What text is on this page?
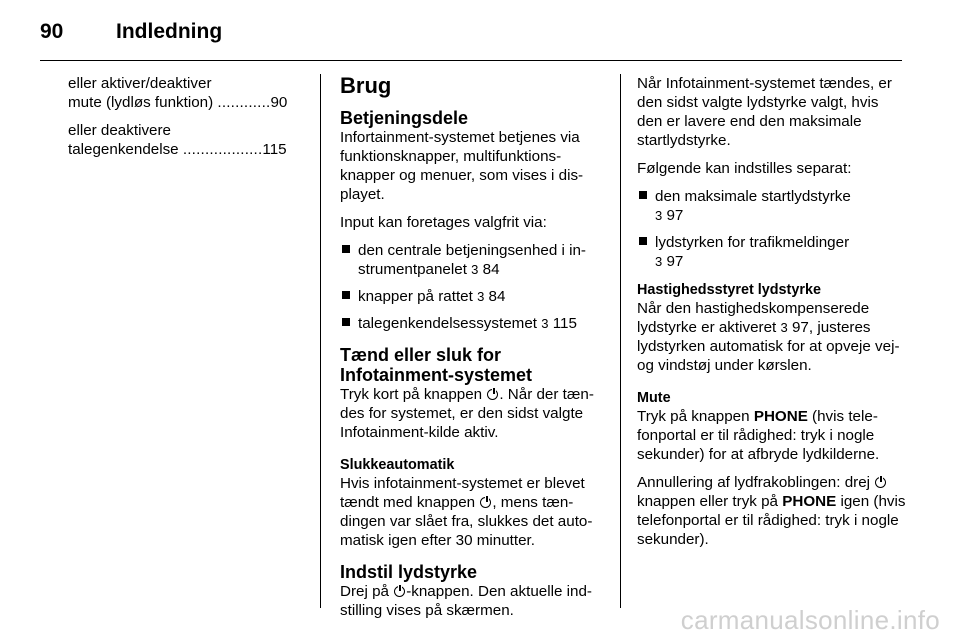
90	Indledning

eller aktiver/deaktiver
mute (lydløs funktion) ............90

eller deaktivere
talegenkendelse ..................115

Brug
Betjeningsdele

Infortainment-systemet betjenes via funktionsknapper, multifunktions-knapper og menuer, som vises i dis-playet.

Input kan foretages valgfrit via:

den centrale betjeningsenhed i in-strumentpanelet 3 84
knapper på rattet 3 84
talegenkendelsessystemet 3 115
Tænd eller sluk for Infotainment-systemet

Tryk kort på knappen . Når der tæn-des for systemet, er den sidst valgte Infotainment-kilde aktiv.

Slukkeautomatik

Hvis infotainment-systemet er blevet tændt med knappen , mens tæn-dingen var slået fra, slukkes det auto-matisk igen efter 30 minutter.

Indstil lydstyrke

Drej på -knappen. Den aktuelle ind-stilling vises på skærmen.

Når Infotainment-systemet tændes, er den sidst valgte lydstyrke valgt, hvis den er lavere end den maksimale startlydstyrke.

Følgende kan indstilles separat:

den maksimale startlydstyrke
3 97
lydstyrken for trafikmeldinger
3 97
Hastighedsstyret lydstyrke

Når den hastighedskompenserede lydstyrke er aktiveret 3 97, justeres lydstyrken automatisk for at opveje vej- og vindstøj under kørslen.

Mute

Tryk på knappen PHONE (hvis tele-fonportal er til rådighed: tryk i nogle sekunder) for at afbryde lydkilderne.

Annullering af lydfrakoblingen: drej  knappen eller tryk på PHONE igen (hvis telefonportal er til rådighed: tryk i nogle sekunder).

carmanualsonline.info
